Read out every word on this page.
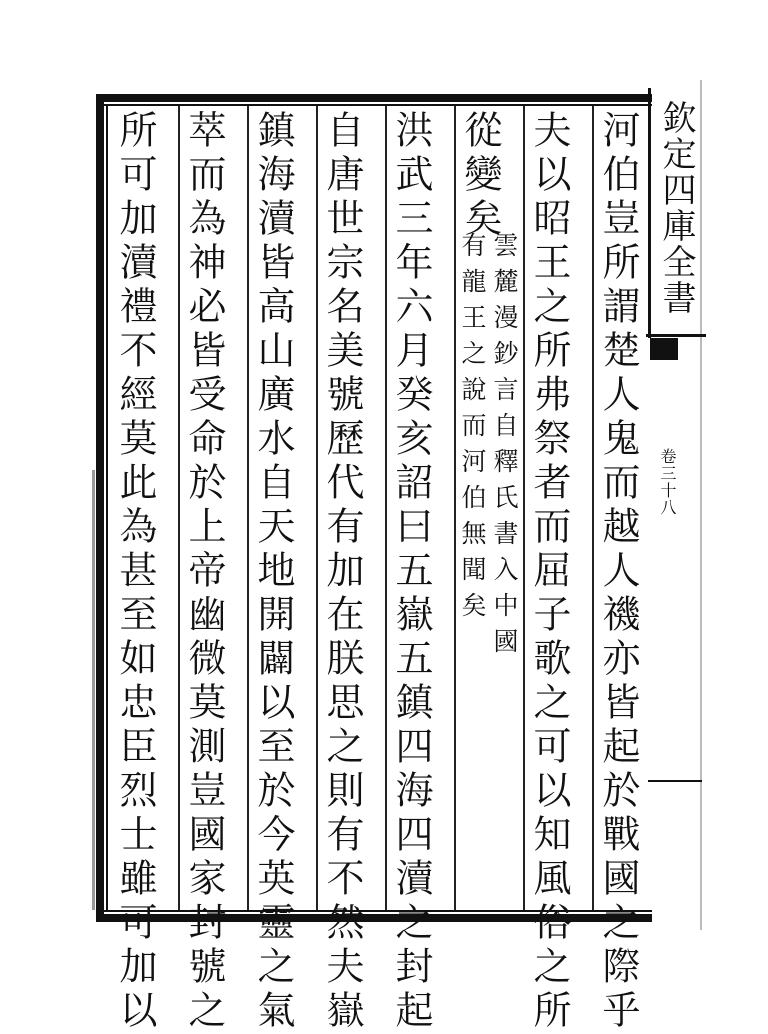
欽定四庫全書
卷三十八
河伯豈所謂楚人鬼而越人禨亦皆起於戰國之際乎
夫以昭王之所弗祭者而屈子歌之可以知風俗之所
從變矣
雲麓漫鈔言自釋氏書入中國
有龍王之說而河伯無聞矣
洪武三年六月癸亥詔曰五嶽五鎮四海四瀆之封起
自唐世宗名美號歷代有加在朕思之則有不然夫嶽
鎮海瀆皆高山廣水自天地開闢以至於今英靈之氣
萃而為神必皆受命於上帝幽微莫測豈國家封號之
所可加瀆禮不經莫此為甚至如忠臣烈士雖可加以
